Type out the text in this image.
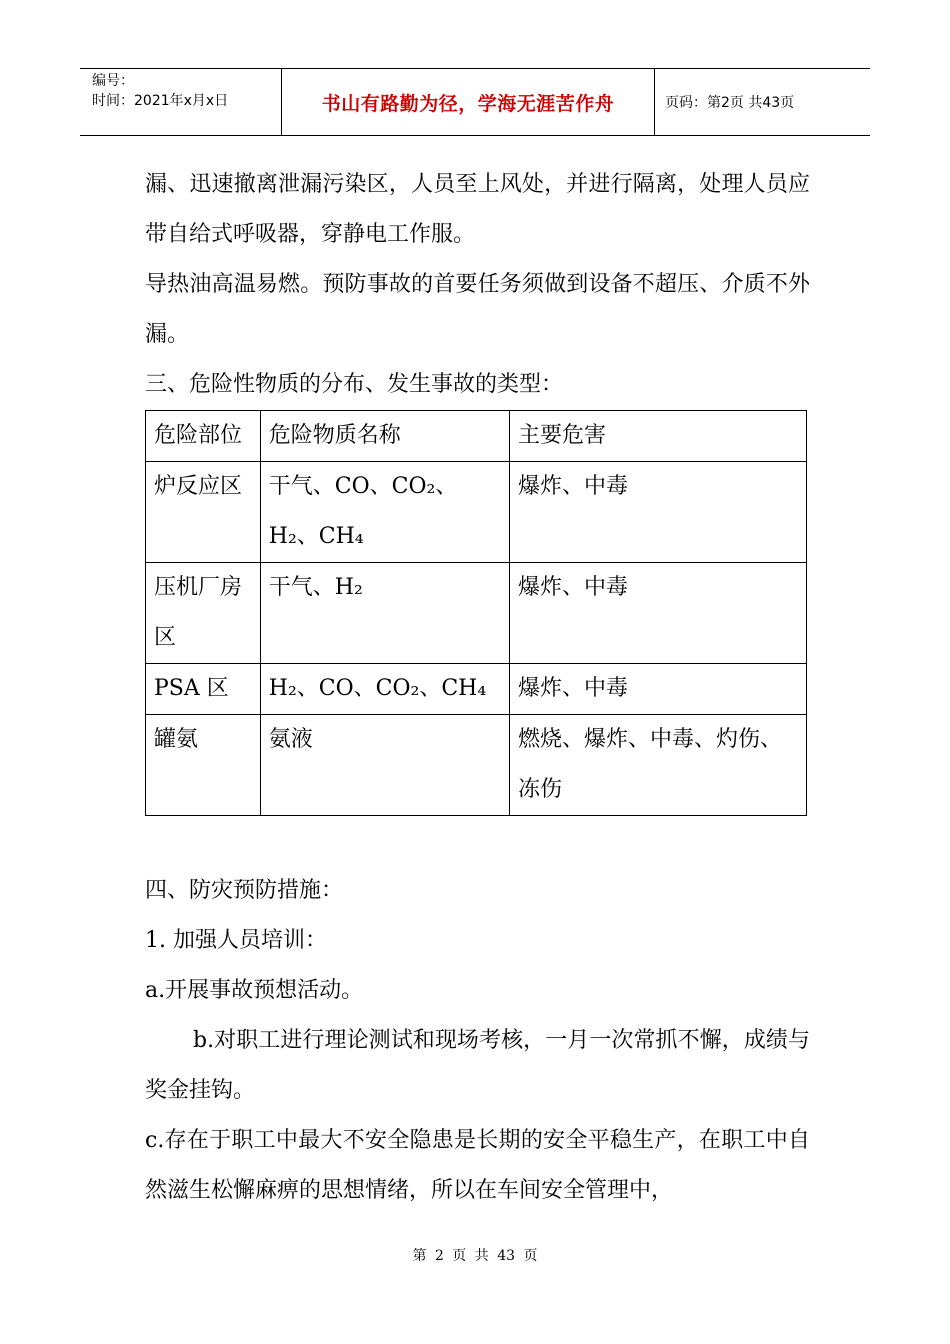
编号：
时间：2021年x月x日	书山有路勤为径，学海无涯苦作舟	页码：第2页 共43页

漏、迅速撤离泄漏污染区，人员至上风处，并进行隔离，处理人员应带自给式呼吸器，穿静电工作服。

导热油高温易燃。预防事故的首要任务须做到设备不超压、介质不外漏。

三、危险性物质的分布、发生事故的类型：

危险部位	危险物质名称	主要危害
炉反应区	干气、CO、CO₂、H₂、CH₄	爆炸、中毒
压机厂房区	干气、H₂	爆炸、中毒
PSA 区	H₂、CO、CO₂、CH₄	爆炸、中毒
罐氨	氨液	燃烧、爆炸、中毒、灼伤、冻伤

四、防灾预防措施：

1. 加强人员培训：

a.开展事故预想活动。

b.对职工进行理论测试和现场考核，一月一次常抓不懈，成绩与奖金挂钩。

c.存在于职工中最大不安全隐患是长期的安全平稳生产，在职工中自然滋生松懈麻痹的思想情绪，所以在车间安全管理中，

第 2 页 共 43 页
